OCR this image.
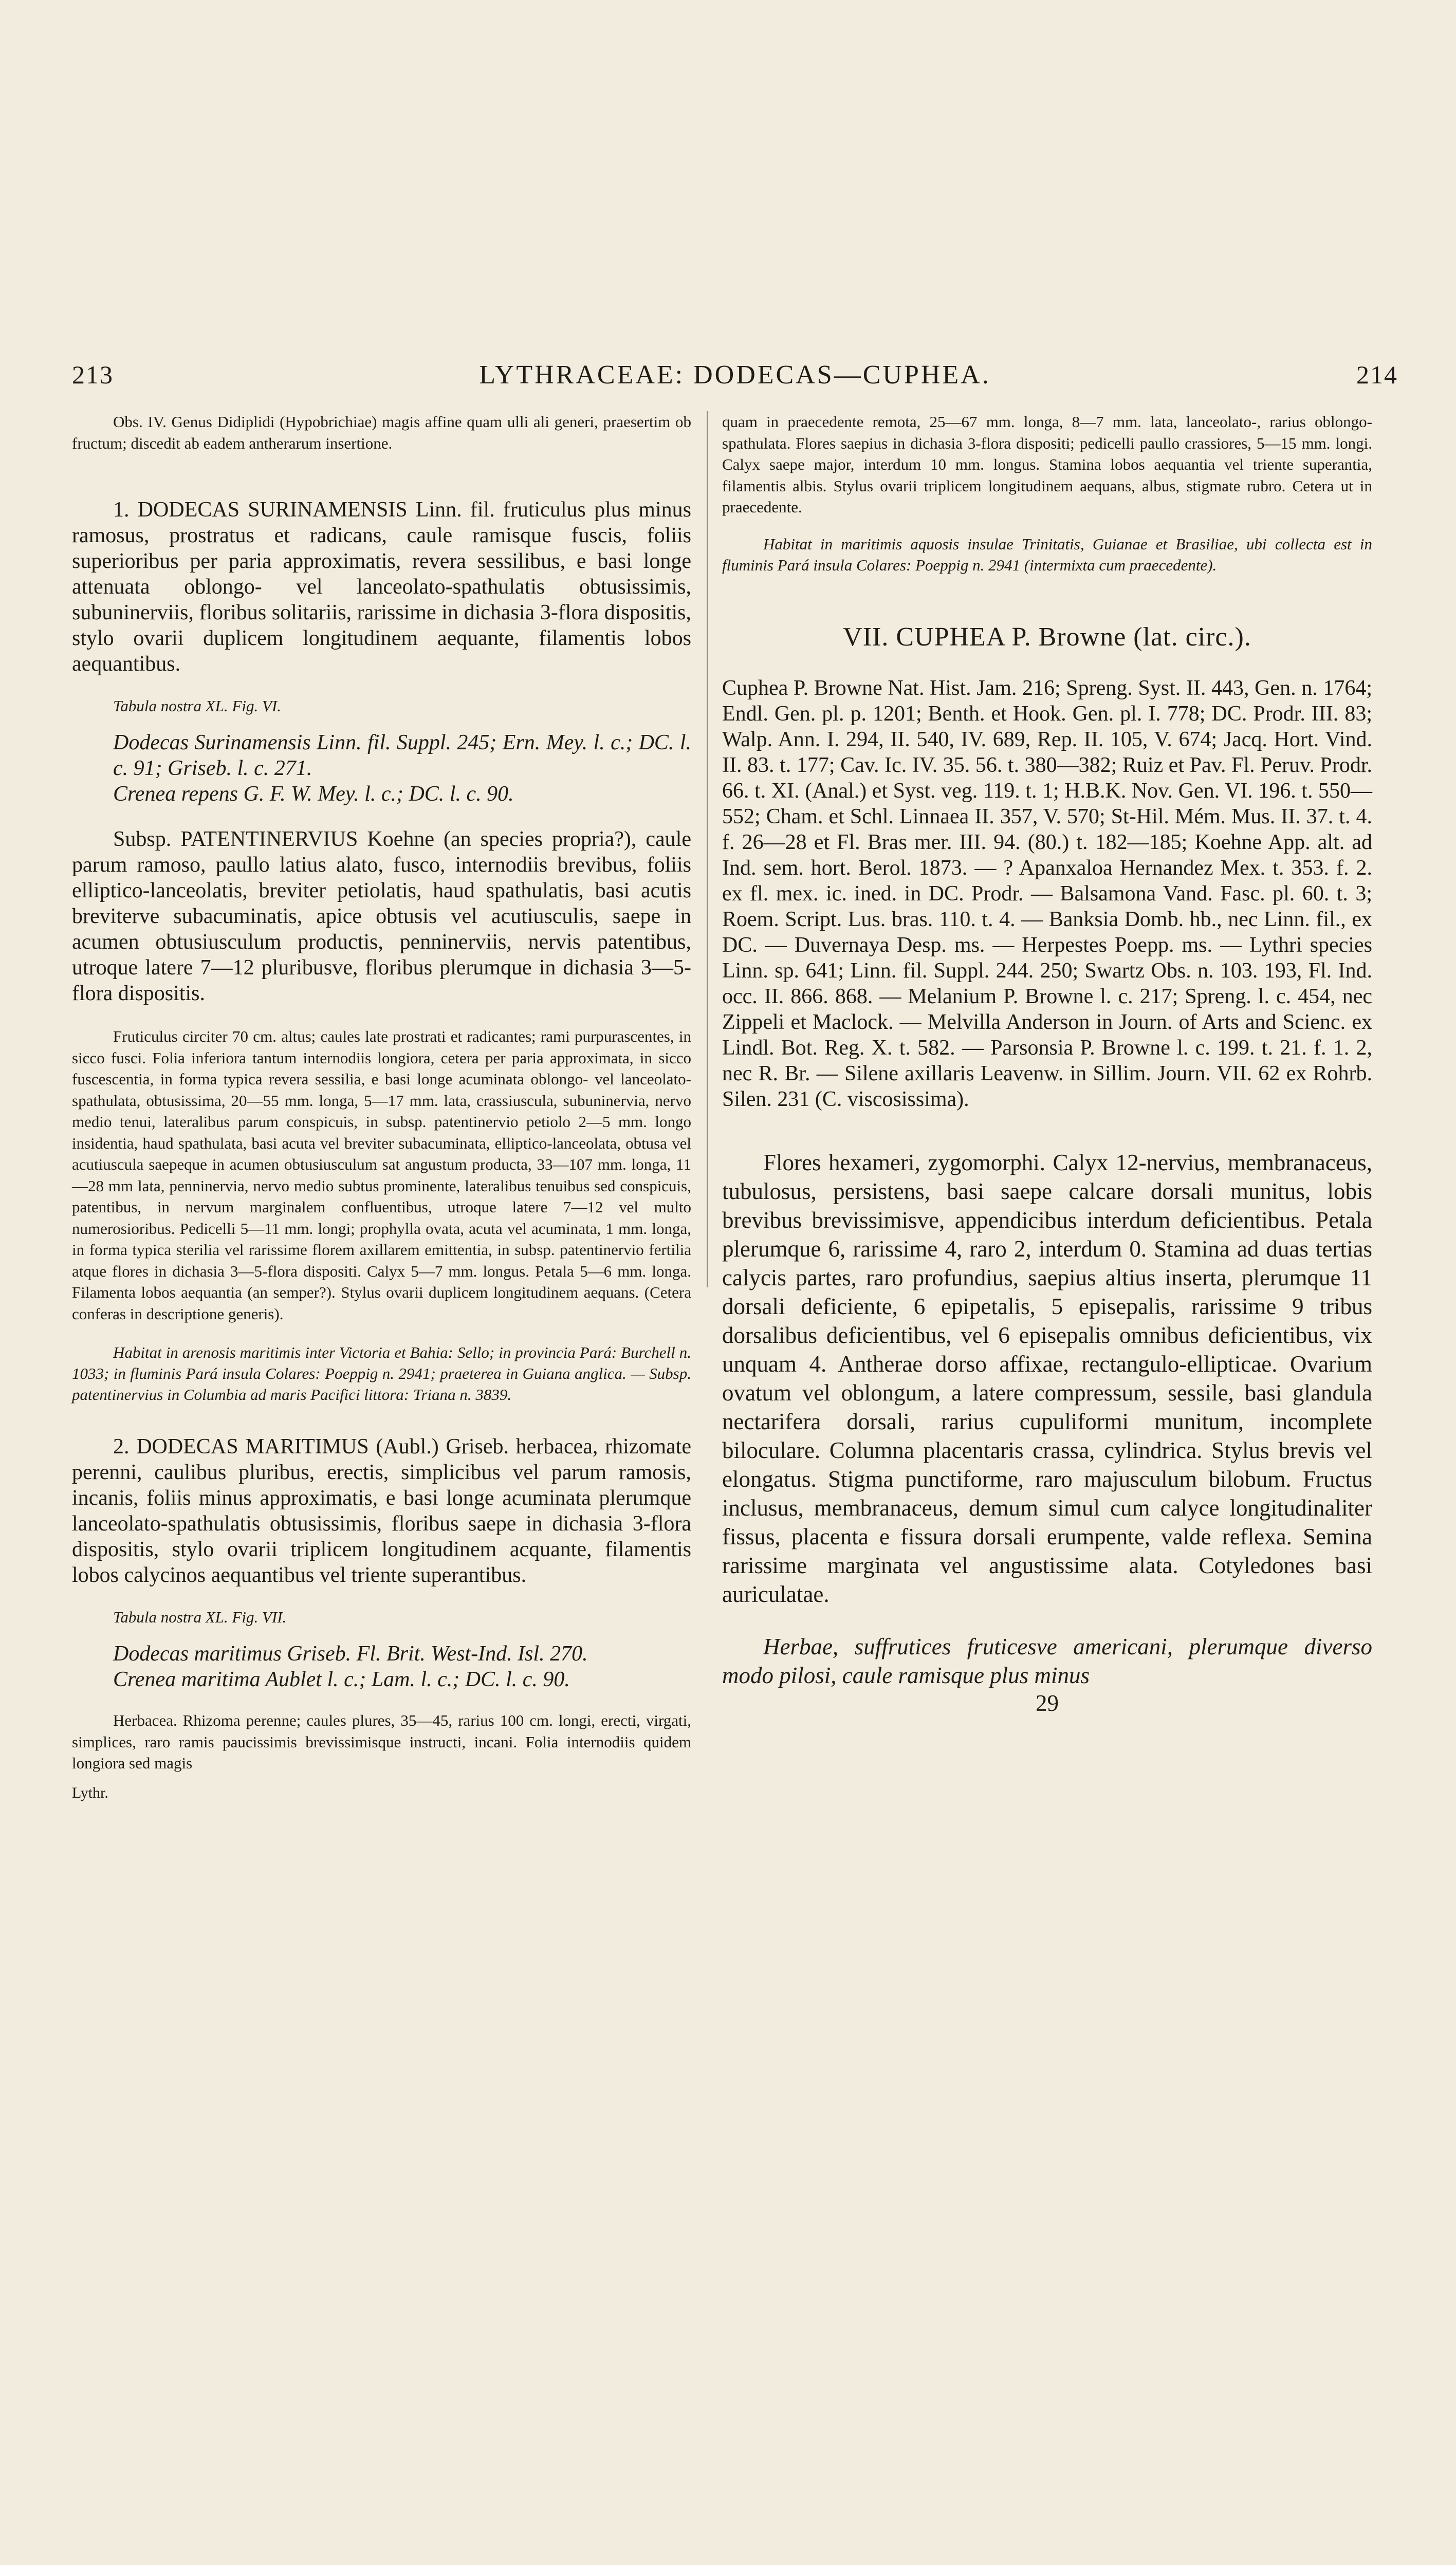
213	LYTHRACEAE: DODECAS—CUPHEA.	214

Obs. IV. Genus Didiplidi (Hypobrichiae) magis affine quam ulli ali generi, praesertim ob fructum; discedit ab eadem antherarum insertione.

1. DODECAS SURINAMENSIS Linn. fil. fruticulus plus minus ramosus, prostratus et radicans, caule ramisque fuscis, foliis superioribus per paria approximatis, revera sessilibus, e basi longe attenuata oblongo- vel lanceolato-spathulatis obtusissimis, subuninerviis, floribus solitariis, rarissime in dichasia 3-flora dispositis, stylo ovarii duplicem longitudinem aequante, filamentis lobos aequantibus.

Tabula nostra XL. Fig. VI.

Dodecas Surinamensis Linn. fil. Suppl. 245; Ern. Mey. l. c.; DC. l. c. 91; Griseb. l. c. 271.

Crenea repens G. F. W. Mey. l. c.; DC. l. c. 90.

Subsp. PATENTINERVIUS Koehne (an species propria?), caule parum ramoso, paullo latius alato, fusco, internodiis brevibus, foliis elliptico-lanceolatis, breviter petiolatis, haud spathulatis, basi acutis breviterve subacuminatis, apice obtusis vel acutiusculis, saepe in acumen obtusiusculum productis, penninerviis, nervis patentibus, utroque latere 7—12 pluribusve, floribus plerumque in dichasia 3—5-flora dispositis.

Fruticulus circiter 70 cm. altus; caules late prostrati et radicantes; rami purpurascentes, in sicco fusci. Folia inferiora tantum internodiis longiora, cetera per paria approximata, in sicco fuscescentia, in forma typica revera sessilia, e basi longe acuminata oblongo- vel lanceolato-spathulata, obtusissima, 20—55 mm. longa, 5—17 mm. lata, crassiuscula, subuninervia, nervo medio tenui, lateralibus parum conspicuis, in subsp. patentinervio petiolo 2—5 mm. longo insidentia, haud spathulata, basi acuta vel breviter subacuminata, elliptico-lanceolata, obtusa vel acutiuscula saepeque in acumen obtusiusculum sat angustum producta, 33—107 mm. longa, 11—28 mm lata, penninervia, nervo medio subtus prominente, lateralibus tenuibus sed conspicuis, patentibus, in nervum marginalem confluentibus, utroque latere 7—12 vel multo numerosioribus. Pedicelli 5—11 mm. longi; prophylla ovata, acuta vel acuminata, 1 mm. longa, in forma typica sterilia vel rarissime florem axillarem emittentia, in subsp. patentinervio fertilia atque flores in dichasia 3—5-flora dispositi. Calyx 5—7 mm. longus. Petala 5—6 mm. longa. Filamenta lobos aequantia (an semper?). Stylus ovarii duplicem longitudinem aequans. (Cetera conferas in descriptione generis).

Habitat in arenosis maritimis inter Victoria et Bahia: Sello; in provincia Pará: Burchell n. 1033; in fluminis Pará insula Colares: Poeppig n. 2941; praeterea in Guiana anglica. — Subsp. patentinervius in Columbia ad maris Pacifici littora: Triana n. 3839.

2. DODECAS MARITIMUS (Aubl.) Griseb. herbacea, rhizomate perenni, caulibus pluribus, erectis, simplicibus vel parum ramosis, incanis, foliis minus approximatis, e basi longe acuminata plerumque lanceolato-spathulatis obtusissimis, floribus saepe in dichasia 3-flora dispositis, stylo ovarii triplicem longitudinem acquante, filamentis lobos calycinos aequantibus vel triente superantibus.

Tabula nostra XL. Fig. VII.

Dodecas maritimus Griseb. Fl. Brit. West-Ind. Isl. 270.

Crenea maritima Aublet l. c.; Lam. l. c.; DC. l. c. 90.

Herbacea. Rhizoma perenne; caules plures, 35—45, rarius 100 cm. longi, erecti, virgati, simplices, raro ramis paucissimis brevissimisque instructi, incani. Folia internodiis quidem longiora sed magis

Lythr.

quam in praecedente remota, 25—67 mm. longa, 8—7 mm. lata, lanceolato-, rarius oblongo-spathulata. Flores saepius in dichasia 3-flora dispositi; pedicelli paullo crassiores, 5—15 mm. longi. Calyx saepe major, interdum 10 mm. longus. Stamina lobos aequantia vel triente superantia, filamentis albis. Stylus ovarii triplicem longitudinem aequans, albus, stigmate rubro. Cetera ut in praecedente.

Habitat in maritimis aquosis insulae Trinitatis, Guianae et Brasiliae, ubi collecta est in fluminis Pará insula Colares: Poeppig n. 2941 (intermixta cum praecedente).

VII. CUPHEA P. Browne (lat. circ.).

Cuphea P. Browne Nat. Hist. Jam. 216; Spreng. Syst. II. 443, Gen. n. 1764; Endl. Gen. pl. p. 1201; Benth. et Hook. Gen. pl. I. 778; DC. Prodr. III. 83; Walp. Ann. I. 294, II. 540, IV. 689, Rep. II. 105, V. 674; Jacq. Hort. Vind. II. 83. t. 177; Cav. Ic. IV. 35. 56. t. 380—382; Ruiz et Pav. Fl. Peruv. Prodr. 66. t. XI. (Anal.) et Syst. veg. 119. t. 1; H.B.K. Nov. Gen. VI. 196. t. 550—552; Cham. et Schl. Linnaea II. 357, V. 570; St-Hil. Mém. Mus. II. 37. t. 4. f. 26—28 et Fl. Bras mer. III. 94. (80.) t. 182—185; Koehne App. alt. ad Ind. sem. hort. Berol. 1873. — ? Apanxaloa Hernandez Mex. t. 353. f. 2. ex fl. mex. ic. ined. in DC. Prodr. — Balsamona Vand. Fasc. pl. 60. t. 3; Roem. Script. Lus. bras. 110. t. 4. — Banksia Domb. hb., nec Linn. fil., ex DC. — Duvernaya Desp. ms. — Herpestes Poepp. ms. — Lythri species Linn. sp. 641; Linn. fil. Suppl. 244. 250; Swartz Obs. n. 103. 193, Fl. Ind. occ. II. 866. 868. — Melanium P. Browne l. c. 217; Spreng. l. c. 454, nec Zippeli et Maclock. — Melvilla Anderson in Journ. of Arts and Scienc. ex Lindl. Bot. Reg. X. t. 582. — Parsonsia P. Browne l. c. 199. t. 21. f. 1. 2, nec R. Br. — Silene axillaris Leavenw. in Sillim. Journ. VII. 62 ex Rohrb. Silen. 231 (C. viscosissima).

Flores hexameri, zygomorphi. Calyx 12-nervius, membranaceus, tubulosus, persistens, basi saepe calcare dorsali munitus, lobis brevibus brevissimisve, appendicibus interdum deficientibus. Petala plerumque 6, rarissime 4, raro 2, interdum 0. Stamina ad duas tertias calycis partes, raro profundius, saepius altius inserta, plerumque 11 dorsali deficiente, 6 epipetalis, 5 episepalis, rarissime 9 tribus dorsalibus deficientibus, vel 6 episepalis omnibus deficientibus, vix unquam 4. Antherae dorso affixae, rectangulo-ellipticae. Ovarium ovatum vel oblongum, a latere compressum, sessile, basi glandula nectarifera dorsali, rarius cupuliformi munitum, incomplete biloculare. Columna placentaris crassa, cylindrica. Stylus brevis vel elongatus. Stigma punctiforme, raro majusculum bilobum. Fructus inclusus, membranaceus, demum simul cum calyce longitudinaliter fissus, placenta e fissura dorsali erumpente, valde reflexa. Semina rarissime marginata vel angustissime alata. Cotyledones basi auriculatae.

Herbae, suffrutices fruticesve americani, plerumque diverso modo pilosi, caule ramisque plus minus

29
